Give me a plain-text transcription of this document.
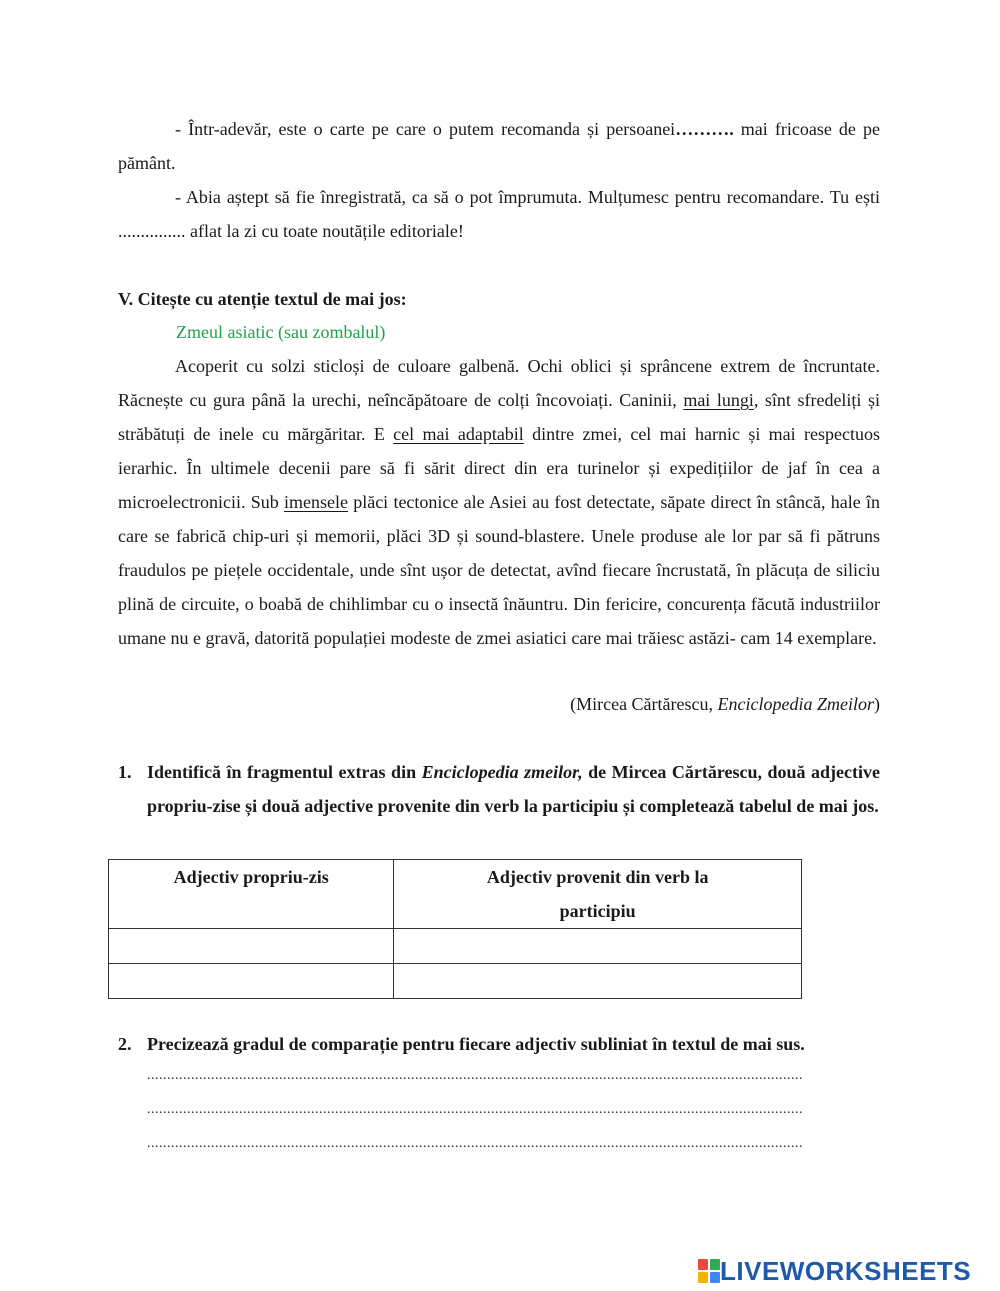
- Într-adevăr, este o carte pe care o putem recomanda și persoanei………. mai fricoase de pe pământ.
- Abia aștept să fie înregistrată, ca să o pot împrumuta. Mulțumesc pentru recomandare. Tu ești ............... aflat la zi cu toate noutățile editoriale!
V. Citește cu atenție textul de mai jos:
Zmeul asiatic (sau zombalul)
Acoperit cu solzi sticloși de culoare galbenă. Ochi oblici și sprâncene extrem de încruntate. Răcnește cu gura până la urechi, neîncăpătoare de colți încovoiați. Caninii, mai lungi, sînt sfredeliți și străbătuți de inele cu mărgăritar. E cel mai adaptabil dintre zmei, cel mai harnic și mai respectuos ierarhic. În ultimele decenii pare să fi sărit direct din era turinelor și expedițiilor de jaf în cea a microelectronicii. Sub imensele plăci tectonice ale Asiei au fost detectate, săpate direct în stâncă, hale în care se fabrică chip-uri și memorii, plăci 3D și sound-blastere. Unele produse ale lor par să fi pătruns fraudulos pe piețele occidentale, unde sînt ușor de detectat, avînd fiecare încrustată, în plăcuța de siliciu plină de circuite, o boabă de chihlimbar cu o insectă înăuntru. Din fericire, concurența făcută industriilor umane nu e gravă, datorită populației modeste de zmei asiatici care mai trăiesc astăzi- cam 14 exemplare.
(Mircea Cărtărescu, Enciclopedia Zmeilor)
1. Identifică în fragmentul extras din Enciclopedia zmeilor, de Mircea Cărtărescu, două adjective propriu-zise și două adjective provenite din verb la participiu și completează tabelul de mai jos.
Adjectiv propriu-zis	Adjectiv provenit din verb la participiu

2. Precizează gradul de comparație pentru fiecare adjectiv subliniat în textul de mai sus.
....................................................................................................................................................................
....................................................................................................................................................................
....................................................................................................................................................................
LIVEWORKSHEETS
